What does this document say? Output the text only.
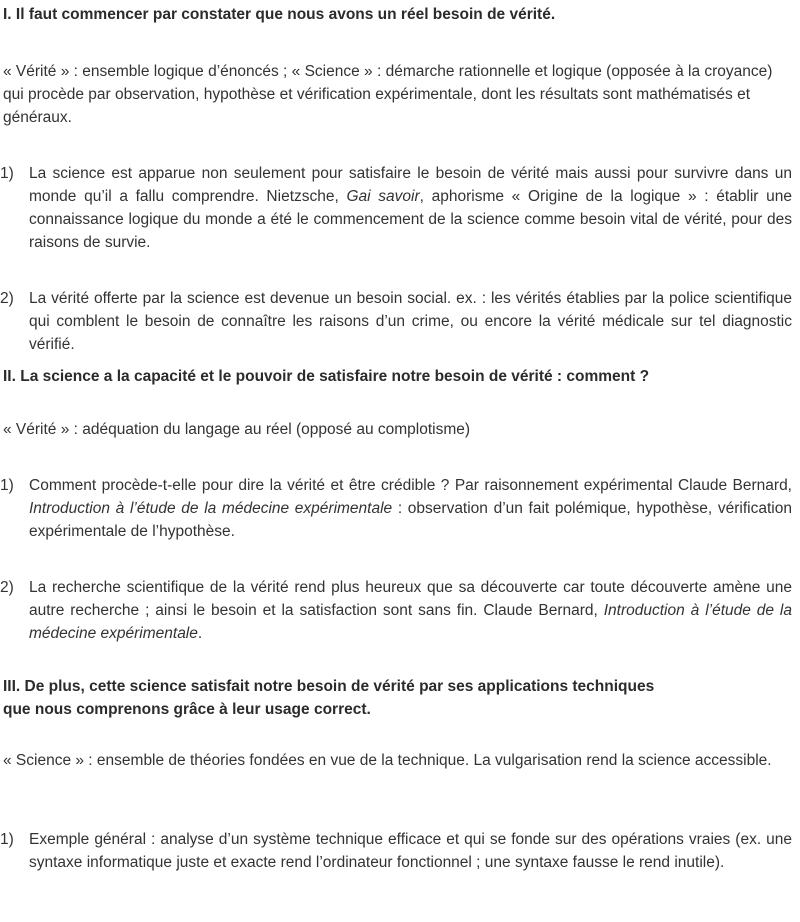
I. Il faut commencer par constater que nous avons un réel besoin de vérité.
« Vérité » : ensemble logique d’énoncés ; « Science » : démarche rationnelle et logique (opposée à la croyance) qui procède par observation, hypothèse et vérification expérimentale, dont les résultats sont mathématisés et généraux.
1) La science est apparue non seulement pour satisfaire le besoin de vérité mais aussi pour survivre dans un monde qu’il a fallu comprendre. Nietzsche, Gai savoir, aphorisme « Origine de la logique » : établir une connaissance logique du monde a été le commencement de la science comme besoin vital de vérité, pour des raisons de survie.
2) La vérité offerte par la science est devenue un besoin social. ex. : les vérités établies par la police scientifique qui comblent le besoin de connaître les raisons d’un crime, ou encore la vérité médicale sur tel diagnostic vérifié.
II. La science a la capacité et le pouvoir de satisfaire notre besoin de vérité : comment ?
« Vérité » : adéquation du langage au réel (opposé au complotisme)
1) Comment procède-t-elle pour dire la vérité et être crédible ? Par raisonnement expérimental Claude Bernard, Introduction à l’étude de la médecine expérimentale : observation d’un fait polémique, hypothèse, vérification expérimentale de l’hypothèse.
2) La recherche scientifique de la vérité rend plus heureux que sa découverte car toute découverte amène une autre recherche ; ainsi le besoin et la satisfaction sont sans fin. Claude Bernard, Introduction à l’étude de la médecine expérimentale.
III. De plus, cette science satisfait notre besoin de vérité par ses applications techniques
que nous comprenons grâce à leur usage correct.
« Science » : ensemble de théories fondées en vue de la technique. La vulgarisation rend la science accessible.
1) Exemple général : analyse d’un système technique efficace et qui se fonde sur des opérations vraies (ex. une syntaxe informatique juste et exacte rend l’ordinateur fonctionnel ; une syntaxe fausse le rend inutile).
